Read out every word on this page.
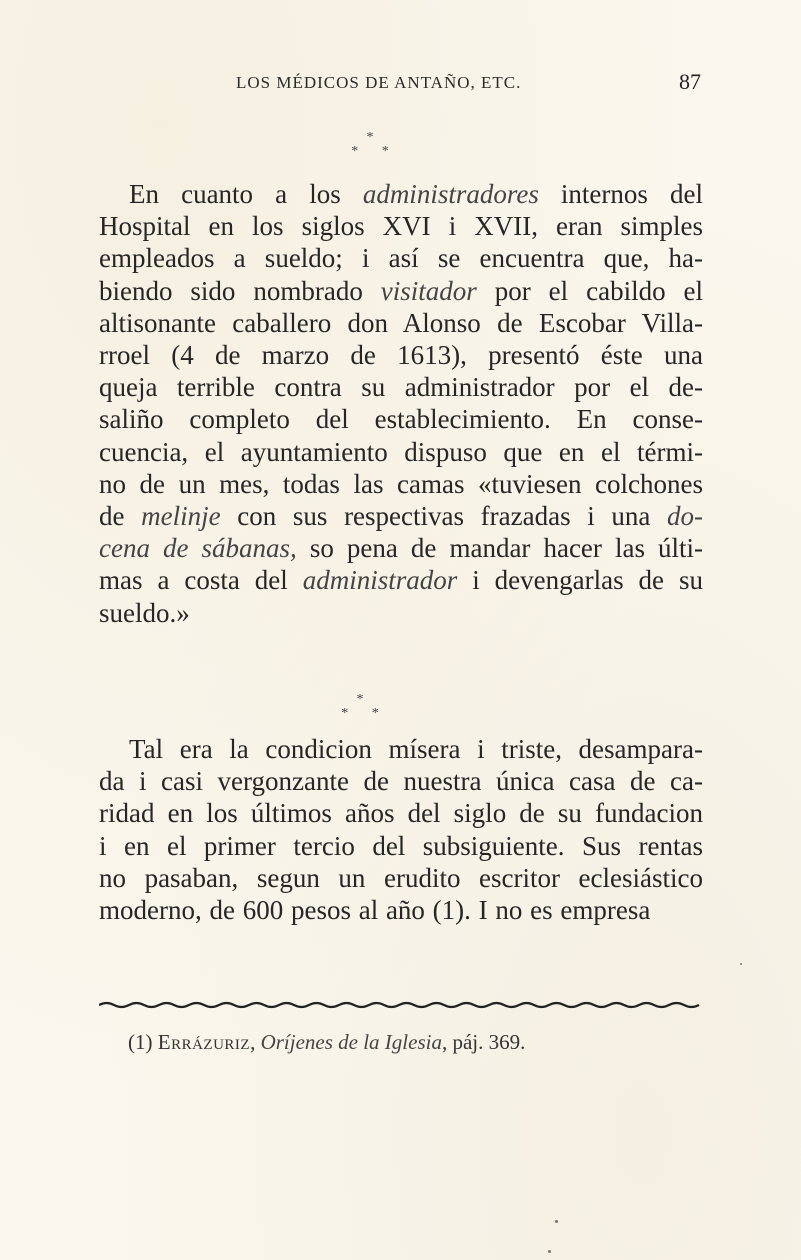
LOS MÉDICOS DE ANTAÑO, ETC.	87
*
* *
En cuanto a los administradores internos del
Hospital en los siglos XVI i XVII, eran simples
empleados a sueldo; i así se encuentra que, ha-
biendo sido nombrado visitador por el cabildo el
altisonante caballero don Alonso de Escobar Villa-
rroel (4 de marzo de 1613), presentó éste una
queja terrible contra su administrador por el de-
saliño completo del establecimiento. En conse-
cuencia, el ayuntamiento dispuso que en el térmi-
no de un mes, todas las camas «tuviesen colchones
de melinje con sus respectivas frazadas i una do-
cena de sábanas, so pena de mandar hacer las últi-
mas a costa del administrador i devengarlas de su
sueldo.»
*
* *
Tal era la condicion mísera i triste, desampara-
da i casi vergonzante de nuestra única casa de ca-
ridad en los últimos años del siglo de su fundacion
i en el primer tercio del subsiguiente. Sus rentas
no pasaban, segun un erudito escritor eclesiástico
moderno, de 600 pesos al año (1). I no es empresa
(1) Errázuriz, Oríjenes de la Iglesia, páj. 369.
